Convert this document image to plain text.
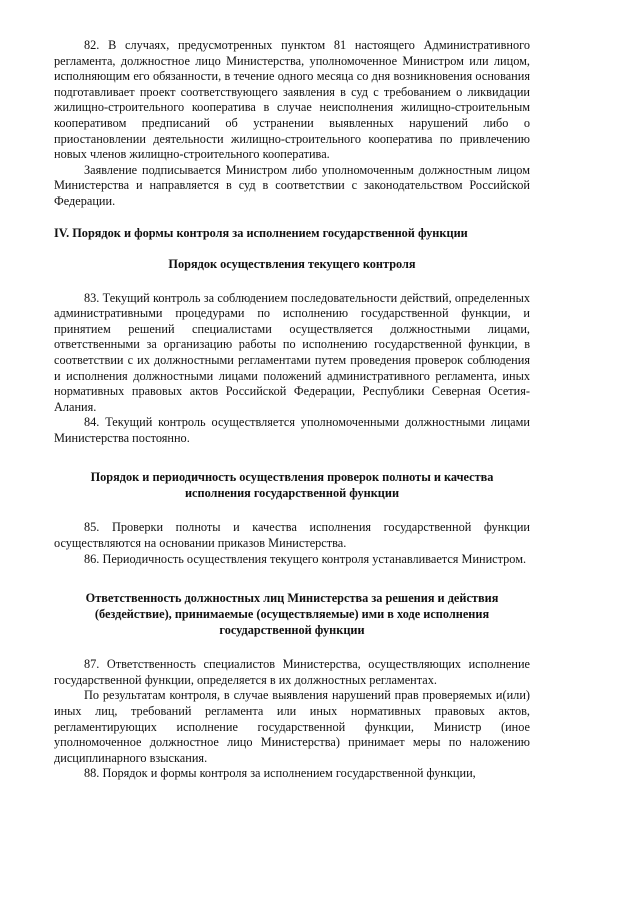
82. В случаях, предусмотренных пунктом 81 настоящего Административного регламента, должностное лицо Министерства, уполномоченное Министром или лицом, исполняющим его обязанности, в течение одного месяца со дня возникновения основания подготавливает проект соответствующего заявления в суд с требованием о ликвидации жилищно-строительного кооператива в случае неисполнения жилищно-строительным кооперативом предписаний об устранении выявленных нарушений либо о приостановлении деятельности жилищно-строительного кооператива по привлечению новых членов жилищно-строительного кооператива.

Заявление подписывается Министром либо уполномоченным должностным лицом Министерства и направляется в суд в соответствии с законодательством Российской Федерации.

IV. Порядок и формы контроля за исполнением государственной функции
Порядок осуществления текущего контроля

83. Текущий контроль за соблюдением последовательности действий, определенных административными процедурами по исполнению государственной функции, и принятием решений специалистами осуществляется должностными лицами, ответственными за организацию работы по исполнению государственной функции, в соответствии с их должностными регламентами путем проведения проверок соблюдения и исполнения должностными лицами положений административного регламента, иных нормативных правовых актов Российской Федерации, Республики Северная Осетия-Алания.

84. Текущий контроль осуществляется уполномоченными должностными лицами Министерства постоянно.

Порядок и периодичность осуществления проверок полноты и качества
исполнения государственной функции

85. Проверки полноты и качества исполнения государственной функции осуществляются на основании приказов Министерства.

86. Периодичность осуществления текущего контроля устанавливается Министром.

Ответственность должностных лиц Министерства за решения и действия
(бездействие), принимаемые (осуществляемые) ими в ходе исполнения
государственной функции

87. Ответственность специалистов Министерства, осуществляющих исполнение государственной функции, определяется в их должностных регламентах.

По результатам контроля, в случае выявления нарушений прав проверяемых и(или) иных лиц, требований регламента или иных нормативных правовых актов, регламентирующих исполнение государственной функции, Министр (иное уполномоченное должностное лицо Министерства) принимает меры по наложению дисциплинарного взыскания.

88. Порядок и формы контроля за исполнением государственной функции,
